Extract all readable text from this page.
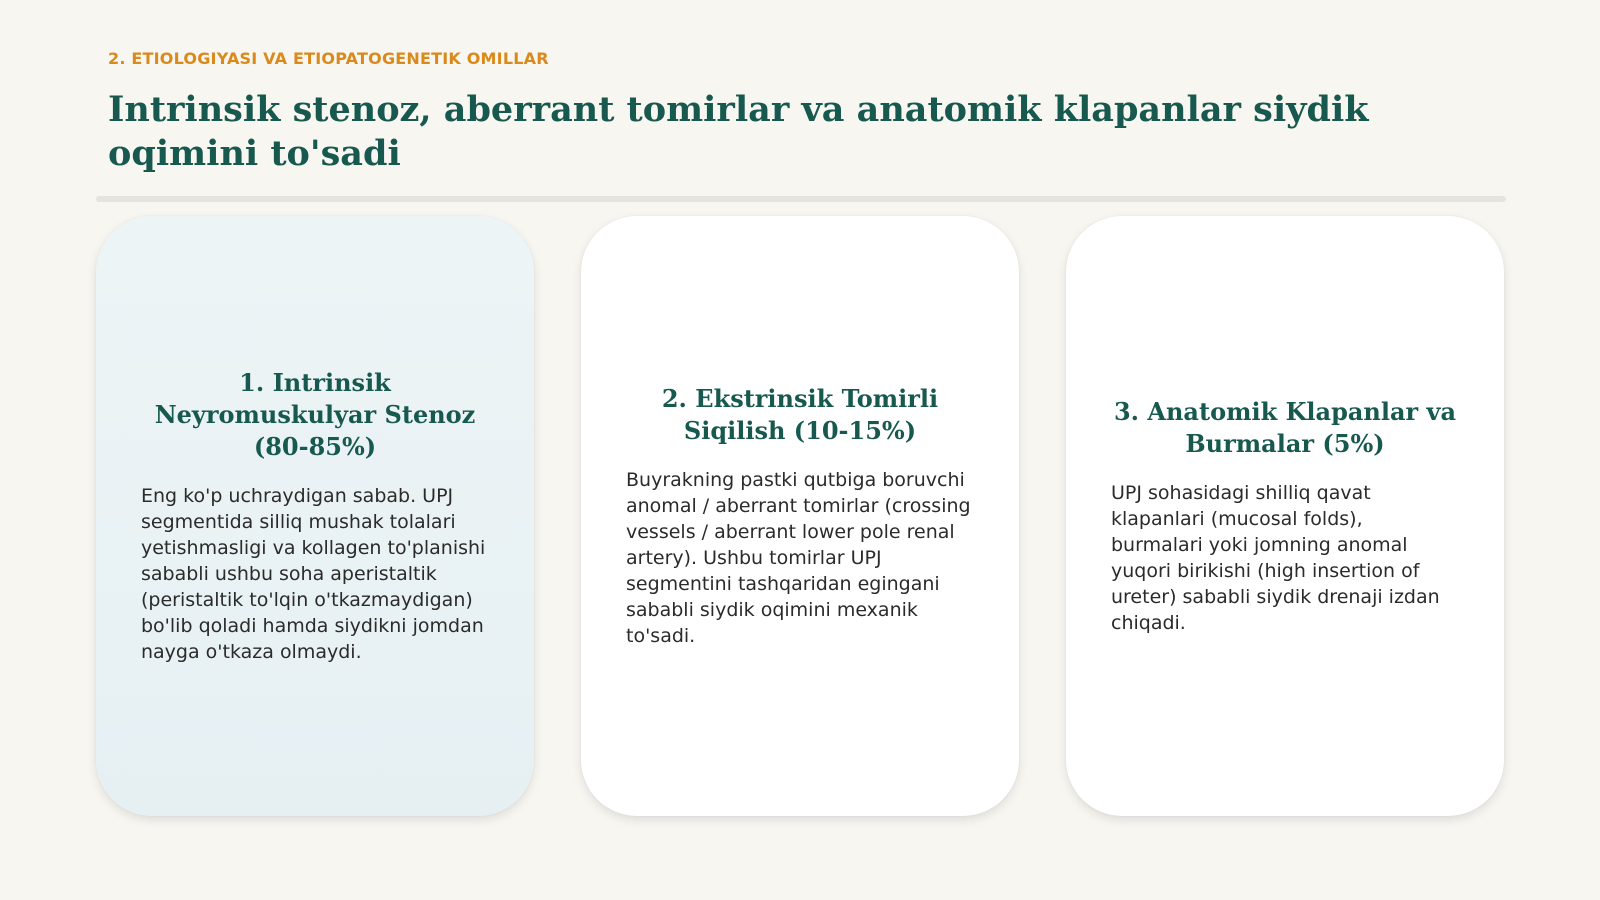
2. ETIOLOGIYASI VA ETIOPATOGENETIK OMILLAR
Intrinsik stenoz, aberrant tomirlar va anatomik klapanlar siydik oqimini to'sadi
1. Intrinsik Neyromuskulyar Stenoz (80-85%)

Eng ko'p uchraydigan sabab. UPJ segmentida silliq mushak tolalari yetishmasligi va kollagen to'planishi sababli ushbu soha aperistaltik (peristaltik to'lqin o'tkazmaydigan) bo'lib qoladi hamda siydikni jomdan nayga o'tkaza olmaydi.

2. Ekstrinsik Tomirli Siqilish (10-15%)

Buyrakning pastki qutbiga boruvchi anomal / aberrant tomirlar (crossing vessels / aberrant lower pole renal artery). Ushbu tomirlar UPJ segmentini tashqaridan egingani sababli siydik oqimini mexanik to'sadi.

3. Anatomik Klapanlar va Burmalar (5%)

UPJ sohasidagi shilliq qavat klapanlari (mucosal folds), burmalari yoki jomning anomal yuqori birikishi (high insertion of ureter) sababli siydik drenaji izdan chiqadi.
